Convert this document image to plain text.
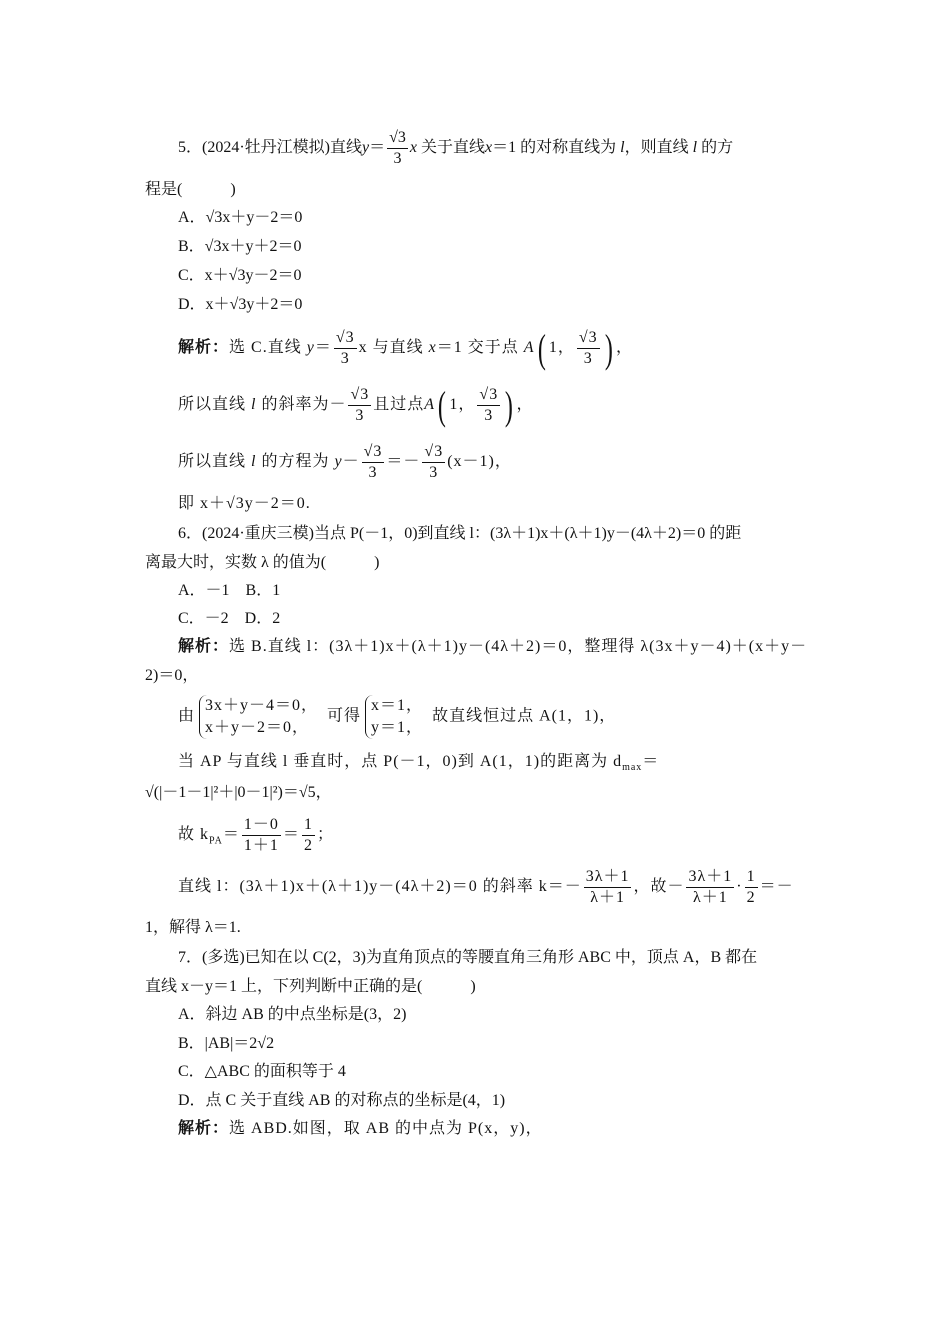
5．(2024·牡丹江模拟)直线$y= \frac{√3}{3}$ x 关于直线x＝1 的对称直线为 l，则直线 l 的方
程是(　　　)
A．√3x＋y－2＝0
B．√3x＋y＋2＝0
C．x＋√3y－2＝0
D．x＋√3y＋2＝0
解析：选 C.直线 $y= \frac{√3}{3}$ x 与直线 x＝1 交于点 A( 1， $\frac{√3}{3}$ ) ，
所以直线 l 的斜率为－ $\frac{√3}{3}$ 且过点A( 1， $\frac{√3}{3}$ ) ，
所以直线 l 的方程为 $y- \frac{√3}{3} =- \frac{√3}{3} (x-1)$，
即 x＋√3y－2＝0.
6．(2024·重庆三模)当点 P(－1，0)到直线 l：(3λ＋1)x＋(λ＋1)y－(4λ＋2)＝0 的距
离最大时，实数 λ 的值为(　　　)
A．－1　B．1
C．－2　D．2
解析：选 B.直线 l：(3λ＋1)x＋(λ＋1)y－(4λ＋2)＝0，整理得 λ(3x＋y－4)＋(x＋y－
2)＝0，
由
3x＋y－4＝0，
x＋y－2＝0，
可得
x＝1，
y＝1，
故直线恒过点 A(1，1)，
当 AP 与直线 l 垂直时，点 P(－1，0)到 A(1，1)的距离为 $d_{max}=$
√(|－1－1|²＋|0－1|²)＝√5，
故 $k_{PA}= \frac{1-0}{1+1} = \frac{1}{2}$ ；
直线 l：(3λ＋1)x＋(λ＋1)y－(4λ＋2)＝0 的斜率 $k=- \frac{3\lambda+1}{\lambda+1}$ ，故－ $\frac{3\lambda+1}{\lambda+1} \cdot \frac{1}{2}$ ＝－
1，解得 λ＝1.
7．(多选)已知在以 C(2，3)为直角顶点的等腰直角三角形 ABC 中，顶点 A，B 都在
直线 x－y＝1 上，下列判断中正确的是(　　　)
A．斜边 AB 的中点坐标是(3，2)
B．|AB|＝2√2
C．△ABC 的面积等于 4
D．点 C 关于直线 AB 的对称点的坐标是(4，1)
解析：选 ABD.如图，取 AB 的中点为 P(x，y)，
